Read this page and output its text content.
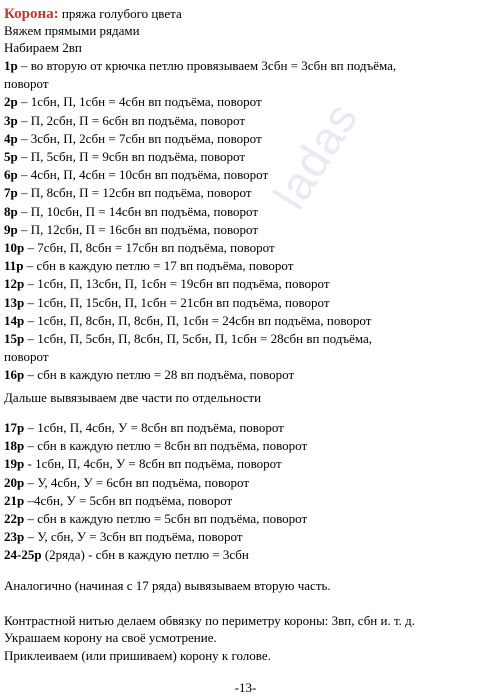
ladas
Корона: пряжа голубого цвета
Вяжем прямыми рядами
Набираем 2вп
1р – во вторую от крючка петлю провязываем 3сбн = 3сбн вп подъёма,
поворот
2р – 1сбн, П, 1сбн = 4сбн вп подъёма, поворот
3р – П, 2сбн, П = 6сбн вп подъёма, поворот
4р – 3сбн, П, 2сбн = 7сбн вп подъёма, поворот
5р – П, 5сбн, П = 9сбн вп подъёма, поворот
6р – 4сбн, П, 4сбн = 10сбн вп подъёма, поворот
7р – П, 8сбн, П = 12сбн вп подъёма, поворот
8р – П, 10сбн, П = 14сбн вп подъёма, поворот
9р – П, 12сбн, П = 16сбн вп подъёма, поворот
10р – 7сбн, П, 8сбн = 17сбн вп подъёма, поворот
11р – сбн в каждую петлю = 17 вп подъёма, поворот
12р – 1сбн, П, 13сбн, П, 1сбн = 19сбн вп подъёма, поворот
13р – 1сбн, П, 15сбн, П, 1сбн = 21сбн вп подъёма, поворот
14р – 1сбн, П, 8сбн, П, 8сбн, П, 1сбн = 24сбн вп подъёма, поворот
15р – 1сбн, П, 5сбн, П, 8сбн, П, 5сбн, П, 1сбн = 28сбн вп подъёма,
поворот
16р – сбн в каждую петлю = 28 вп подъёма, поворот
Дальше вывязываем две части по отдельности
17р – 1сбн, П, 4сбн, У = 8сбн вп подъёма, поворот
18р – сбн в каждую петлю = 8сбн вп подъёма, поворот
19р - 1сбн, П, 4сбн, У = 8сбн вп подъёма, поворот
20р – У, 4сбн, У = 6сбн вп подъёма, поворот
21р –4сбн, У = 5сбн вп подъёма, поворот
22р – сбн в каждую петлю = 5сбн вп подъёма, поворот
23р – У, сбн, У = 3сбн вп подъёма, поворот
24-25р (2ряда) - сбн в каждую петлю = 3сбн
Аналогично (начиная с 17 ряда) вывязываем вторую часть.
Контрастной нитью делаем обвязку по периметру короны: 3вп, сбн и. т. д.
Украшаем корону на своё усмотрение.
Приклеиваем (или пришиваем) корону к голове.
-13-
